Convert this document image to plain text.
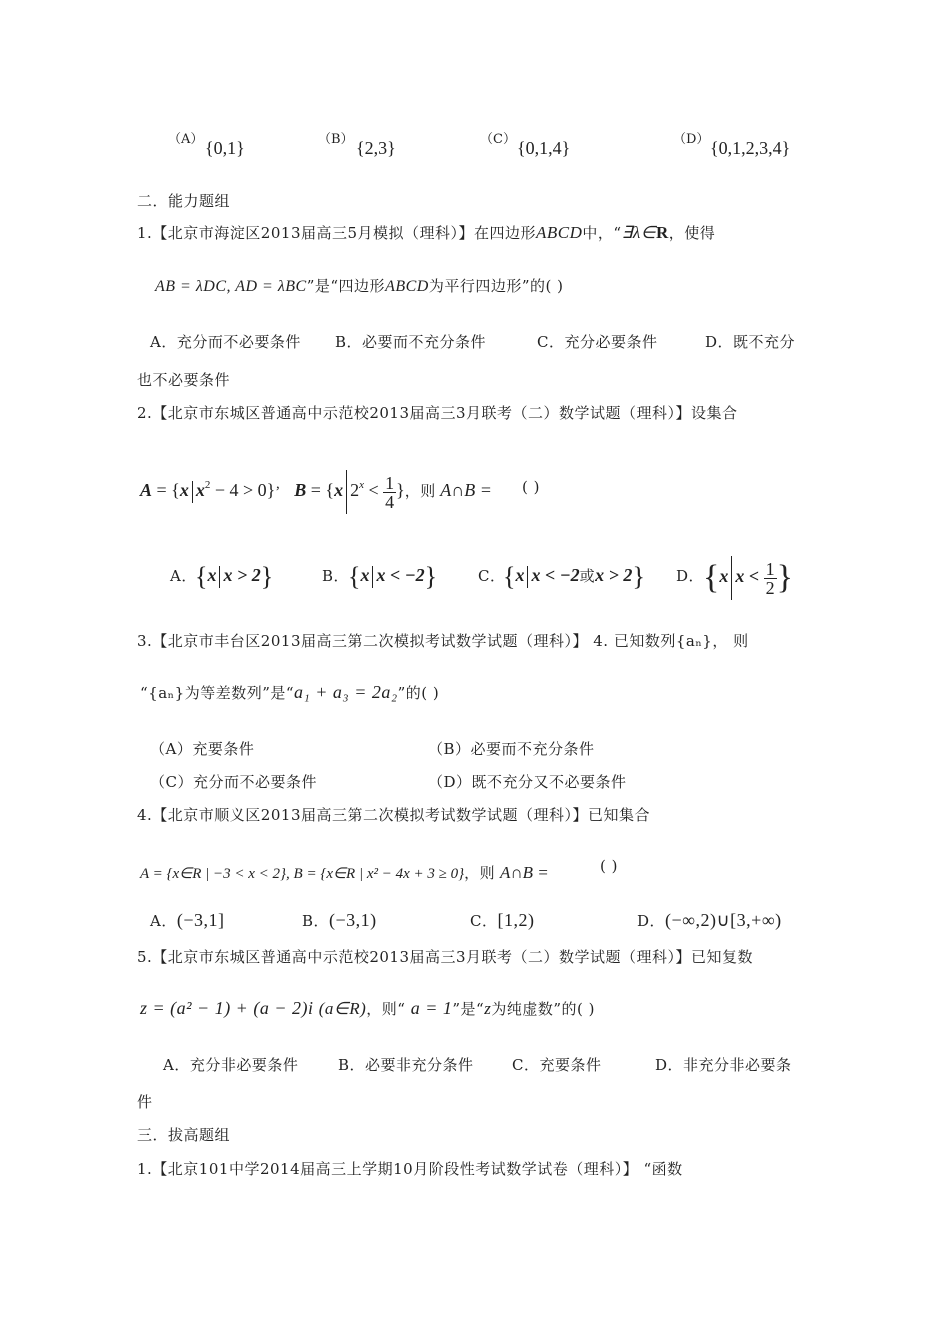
（A） {0,1}	（B） {2,3}	（C） {0,1,4}	（D） {0,1,2,3,4}
二．能力题组
1.【北京市海淀区2013届高三5月模拟（理科）】在四边形ABCD中，“∃λ∈R，使得
AB = λDC, AD = λBC”是“四边形ABCD为平行四边形”的( )
A．充分而不必要条件 B．必要而不充分条件	C．充分必要条件	D．既不充分
也不必要条件
2.【北京市东城区普通高中示范校2013届高三3月联考（二）数学试题（理科）】设集合
A = {x $x^2 - 4 > 0$}’ B = {x $2^x < \frac{1}{4}$ }，则 A∩B = ( )
A．
{x x > 2}	B．
{x x < −2}	C．
{x x < −2或x > 2} D．
{x $x < \frac{1}{2}$ }
3.【北京市丰台区2013届高三第二次模拟考试数学试题（理科）】 4. 已知数列{aₙ}， 则
“{aₙ}为等差数列”是“a₁ + a₃ = 2a₂”的( )
（A）充要条件	（B）必要而不充分条件
（C）充分而不必要条件	（D）既不充分又不必要条件
4.【北京市顺义区2013届高三第二次模拟考试数学试题（理科）】已知集合
A = {x∈R | −3 < x < 2}, B = {x∈R | x² − 4x + 3 ≥ 0}，则 A∩B =	( )
A．(−3,1]	B．(−3,1)	C．[1,2)	D．(−∞,2)∪[3,+∞)
5.【北京市东城区普通高中示范校2013届高三3月联考（二）数学试题（理科）】已知复数
z = (a² − 1) + (a − 2)i (a∈R)，则“ a = 1”是“z为纯虚数”的( )
A．充分非必要条件	B．必要非充分条件	C．充要条件	D．非充分非必要条
件
三．拔高题组
1.【北京101中学2014届高三上学期10月阶段性考试数学试卷（理科）】 “函数
